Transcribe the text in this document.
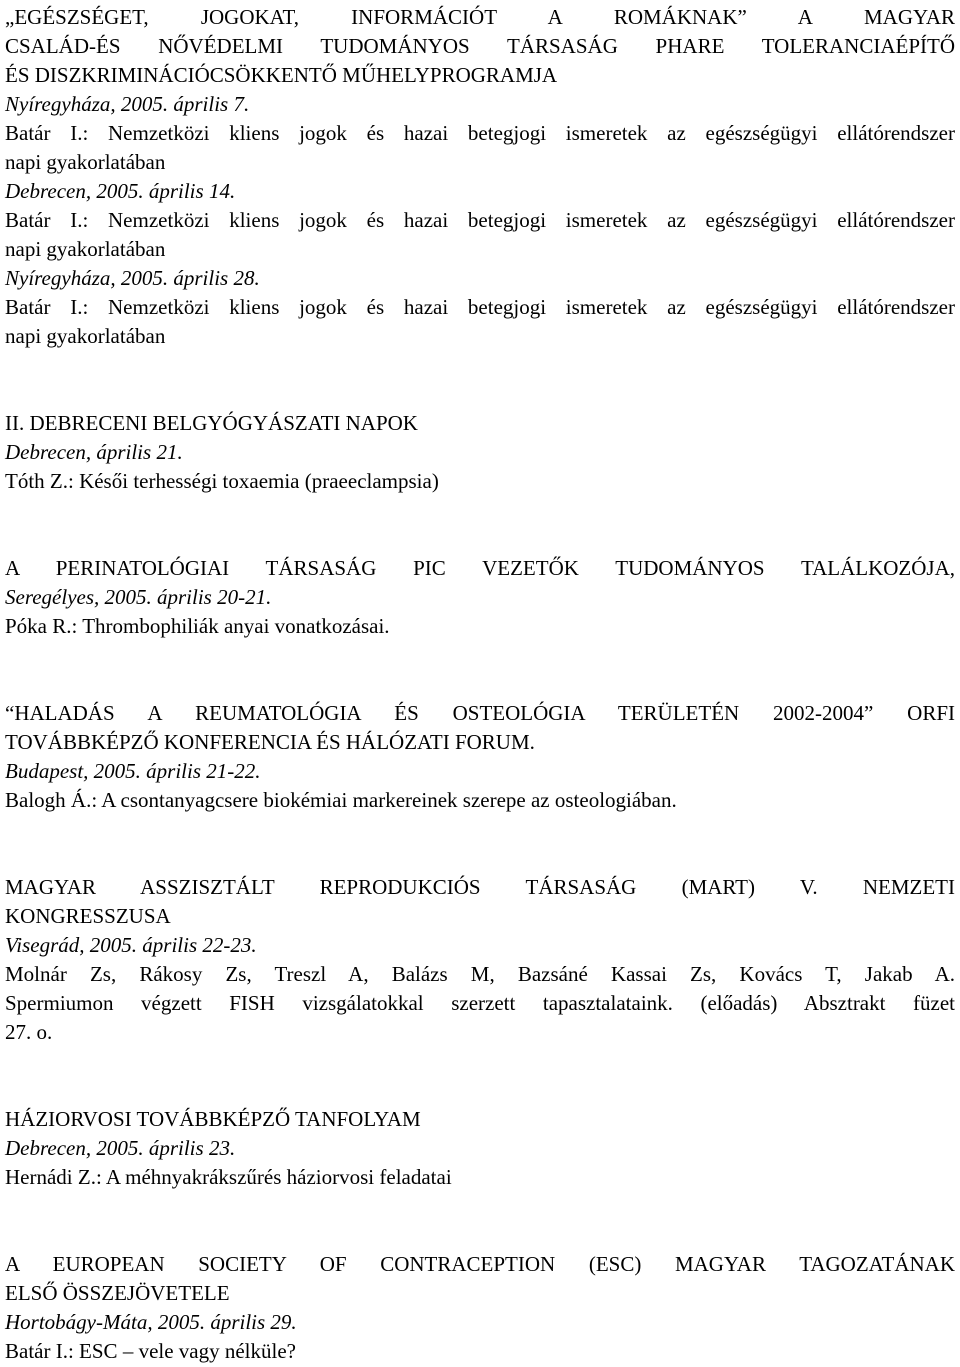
„EGÉSZSÉGET, JOGOKAT, INFORMÁCIÓT A ROMÁKNAK” A MAGYAR
CSALÁD-ÉS NŐVÉDELMI TUDOMÁNYOS TÁRSASÁG PHARE TOLERANCIAÉPÍTŐ
ÉS DISZKRIMINÁCIÓCSÖKKENTŐ MŰHELYPROGRAMJA
Nyíregyháza, 2005. április 7.
Batár I.: Nemzetközi kliens jogok és hazai betegjogi ismeretek az egészségügyi ellátórendszer
napi gyakorlatában
Debrecen, 2005. április 14.
Batár I.: Nemzetközi kliens jogok és hazai betegjogi ismeretek az egészségügyi ellátórendszer
napi gyakorlatában
Nyíregyháza, 2005. április 28.
Batár I.: Nemzetközi kliens jogok és hazai betegjogi ismeretek az egészségügyi ellátórendszer
napi gyakorlatában
II. DEBRECENI BELGYÓGYÁSZATI NAPOK
Debrecen, április 21.
Tóth Z.: Késői terhességi toxaemia (praeeclampsia)
A PERINATOLÓGIAI TÁRSASÁG PIC VEZETŐK TUDOMÁNYOS TALÁLKOZÓJA,
Seregélyes, 2005. április 20-21.
Póka R.: Thrombophiliák anyai vonatkozásai.
“HALADÁS A REUMATOLÓGIA ÉS OSTEOLÓGIA TERÜLETÉN 2002-2004” ORFI
TOVÁBBKÉPZŐ KONFERENCIA ÉS HÁLÓZATI FORUM.
Budapest, 2005. április 21-22.
Balogh Á.: A csontanyagcsere biokémiai markereinek szerepe az osteologiában.
MAGYAR ASSZISZTÁLT REPRODUKCIÓS TÁRSASÁG (MART) V. NEMZETI
KONGRESSZUSA
Visegrád, 2005. április 22-23.
Molnár Zs, Rákosy Zs, Treszl A, Balázs M, Bazsáné Kassai Zs, Kovács T, Jakab A.
Spermiumon végzett FISH vizsgálatokkal szerzett tapasztalataink. (előadás) Absztrakt füzet
27. o.
HÁZIORVOSI TOVÁBBKÉPZŐ TANFOLYAM
Debrecen, 2005. április 23.
Hernádi Z.: A méhnyakrákszűrés háziorvosi feladatai
A EUROPEAN SOCIETY OF CONTRACEPTION (ESC) MAGYAR TAGOZATÁNAK
ELSŐ ÖSSZEJÖVETELE
Hortobágy-Máta, 2005. április 29.
Batár I.: ESC – vele vagy nélküle?
